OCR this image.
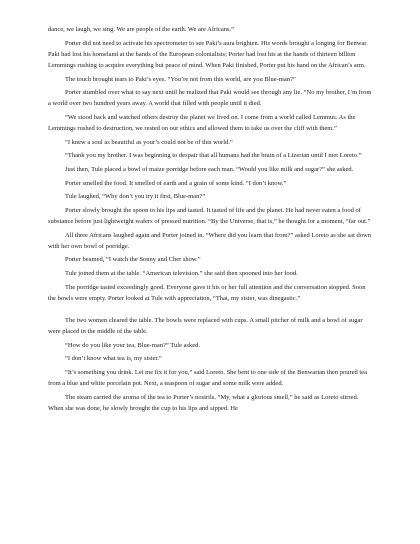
dance, we laugh, we sing. We are people of the earth. We are Africans.”

Porter did not need to activate his spectrometer to see Paki’s aura brighten. His words brought a longing for Benwar. Paki had lost his homeland at the hands of the European colonialists; Porter had lost his at the hands of thirteen billion Lemmings rushing to acquire everything but peace of mind. When Paki finished, Porter put his hand on the African’s arm.

The touch brought tears to Paki’s eyes. “You’re not from this world, are you Blue-man?”

Porter stumbled over what to say next until he realized that Paki would see through any lie. “No my brother, I’m from a world over two hundred years away. A world that filled with people until it died.

“We stood back and watched others destroy the planet we lived on. I come from a world called Lemmus. As the Lemmings rushed to destruction, we rested on our ethics and allowed them to take us over the cliff with them.”

“I knew a soul as beautiful as your’s could not be of this world.”

“Thank you my brother. I was beginning to despair that all humans had the brain of a Lizerian until I met Loreto.”

Just then, Tule placed a bowl of maize porridge before each man. “Would you like milk and sugar?” she asked.

Porter smelled the food. It smelled of earth and a grain of some kind. “I don’t know.”

Tule laughed, “Why don’t you try it first, Blue-man?”

Porter slowly brought the spoon to his lips and tasted. It tasted of life and the planet. He had never eaten a food of substance before just lightweight wafers of pressed nutrition. “By the Universe, that is,” he thought for a moment, “far out.”

All three Africans laughed again and Porter joined in. “Where did you learn that from?” asked Loreto as she sat down with her own bowl of porridge.

Porter beamed, “I watch the Sonny and Cher show.”

Tule joined them at the table. “American television.” she said then spooned into her food.

The porridge tasted exceedingly good. Everyone gave it his or her full attention and the conversation stopped. Soon the bowls were empty. Porter looked at Tule with appreciation, “That, my sister, was dinegastic.”

The two women cleared the table. The bowls were replaced with cups. A small pitcher of milk and a bowl of sugar were placed in the middle of the table.

“How do you like your tea, Blue-man?” Tule asked.

“I don’t know what tea is, my sister.”

“It’s something you drink. Let me fix it for you,” said Loreto. She bent to one side of the Benwarian then poured tea from a blue and white porcelain pot. Next, a teaspoon of sugar and some milk were added.

The steam carried the aroma of the tea to Porter’s nostrils. “My, what a glorious smell,” he said as Loreto stirred. When she was done, he slowly brought the cup to his lips and sipped. He
